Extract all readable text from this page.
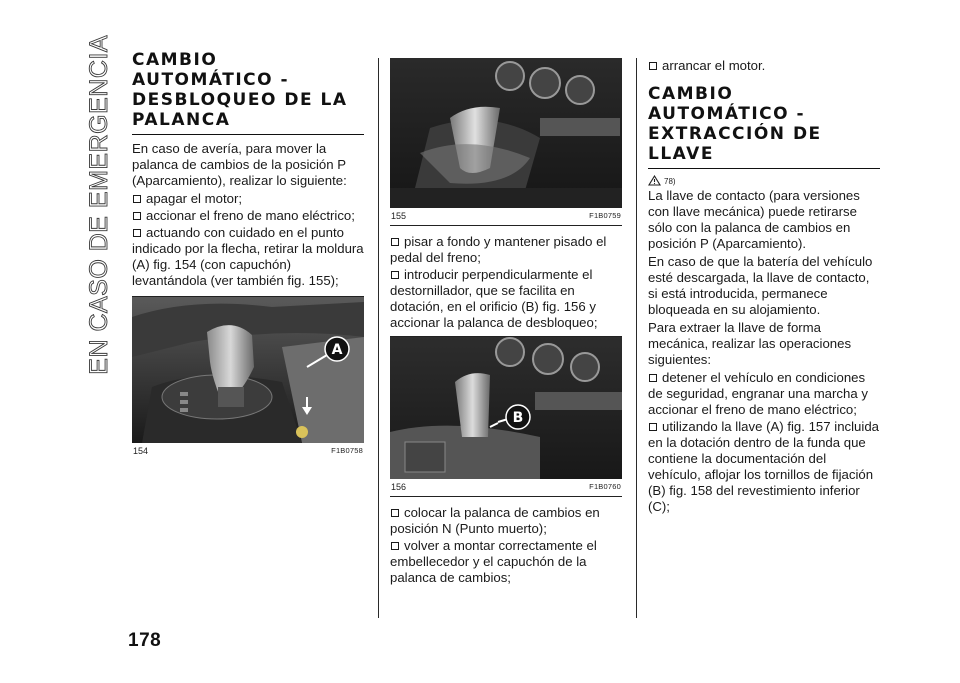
EN CASO DE EMERGENCIA
178
CAMBIO AUTOMÁTICO - DESBLOQUEO DE LA PALANCA
En caso de avería, para mover la palanca de cambios de la posición P (Aparcamiento), realizar lo siguiente:
apagar el motor;
accionar el freno de mano eléctrico;
actuando con cuidado en el punto indicado por la flecha, retirar la moldura (A) fig. 154 (con capuchón) levantándola (ver también fig. 155);
A
154	F1B0758
155	F1B0759
pisar a fondo y mantener pisado el pedal del freno;
introducir perpendicularmente el destornillador, que se facilita en dotación, en el orificio (B) fig. 156 y accionar la palanca de desbloqueo;
B
156	F1B0760
colocar la palanca de cambios en posición N (Punto muerto);
volver a montar correctamente el embellecedor y el capuchón de la palanca de cambios;
arrancar el motor.
CAMBIO AUTOMÁTICO - EXTRACCIÓN DE LLAVE
78)
La llave de contacto (para versiones con llave mecánica) puede retirarse sólo con la palanca de cambios en posición P (Aparcamiento).
En caso de que la batería del vehículo esté descargada, la llave de contacto, si está introducida, permanece bloqueada en su alojamiento.
Para extraer la llave de forma mecánica, realizar las operaciones siguientes:
detener el vehículo en condiciones de seguridad, engranar una marcha y accionar el freno de mano eléctrico;
utilizando la llave (A) fig. 157 incluida en la dotación dentro de la funda que contiene la documentación del vehículo, aflojar los tornillos de fijación (B) fig. 158 del revestimiento inferior (C);
